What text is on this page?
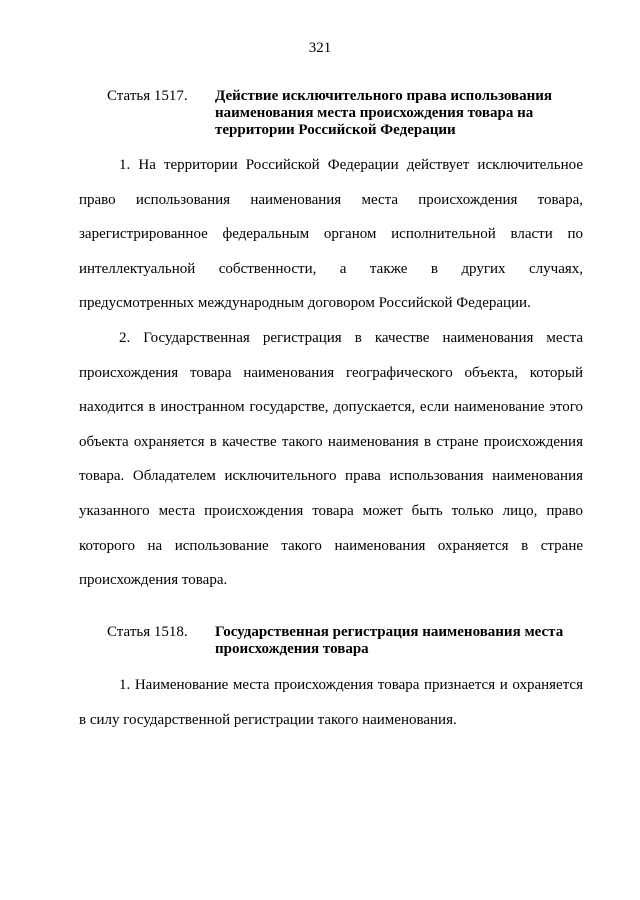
321
Статья 1517.	Действие исключительного права использования наименования места происхождения товара на территории Российской Федерации

1. На территории Российской Федерации действует исключительное право использования наименования места происхождения товара, зарегистрированное федеральным органом исполнительной власти по интеллектуальной собственности, а также в других случаях, предусмотренных международным договором Российской Федерации.

2. Государственная регистрация в качестве наименования места происхождения товара наименования географического объекта, который находится в иностранном государстве, допускается, если наименование этого объекта охраняется в качестве такого наименования в стране происхождения товара. Обладателем исключительного права использования наименования указанного места происхождения товара может быть только лицо, право которого на использование такого наименования охраняется в стране происхождения товара.

Статья 1518.	Государственная регистрация наименования места происхождения товара

1. Наименование места происхождения товара признается и охраняется в силу государственной регистрации такого наименования.
